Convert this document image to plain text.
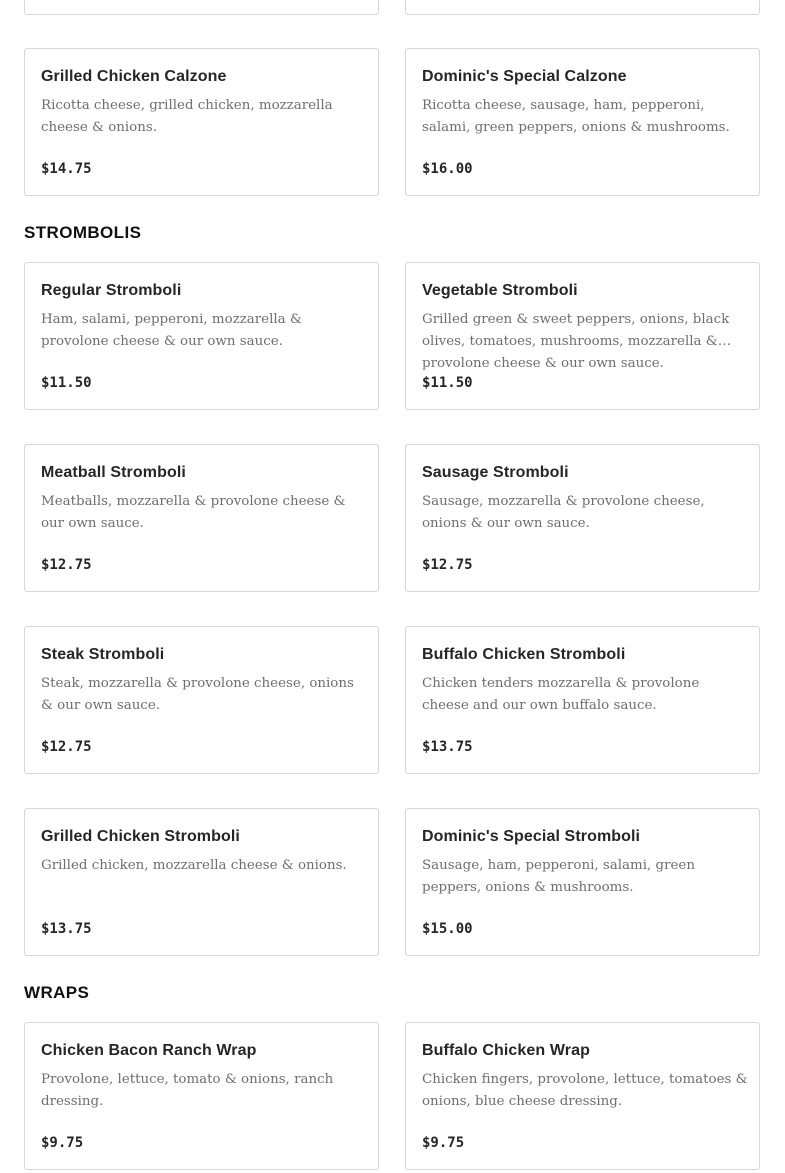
Grilled Chicken Calzone
Ricotta cheese, grilled chicken, mozzarella cheese & onions.
$14.75
Dominic's Special Calzone
Ricotta cheese, sausage, ham, pepperoni, salami, green peppers, onions & mushrooms.
$16.00
STROMBOLIS
Regular Stromboli
Ham, salami, pepperoni, mozzarella & provolone cheese & our own sauce.
$11.50
Vegetable Stromboli
Grilled green & sweet peppers, onions, black olives, tomatoes, mushrooms, mozzarella & provolone cheese & our own sauce.
$11.50
Meatball Stromboli
Meatballs, mozzarella & provolone cheese & our own sauce.
$12.75
Sausage Stromboli
Sausage, mozzarella & provolone cheese, onions & our own sauce.
$12.75
Steak Stromboli
Steak, mozzarella & provolone cheese, onions & our own sauce.
$12.75
Buffalo Chicken Stromboli
Chicken tenders mozzarella & provolone cheese and our own buffalo sauce.
$13.75
Grilled Chicken Stromboli
Grilled chicken, mozzarella cheese & onions.
$13.75
Dominic's Special Stromboli
Sausage, ham, pepperoni, salami, green peppers, onions & mushrooms.
$15.00
WRAPS
Chicken Bacon Ranch Wrap
Provolone, lettuce, tomato & onions, ranch dressing.
$9.75
Buffalo Chicken Wrap
Chicken fingers, provolone, lettuce, tomatoes & onions, blue cheese dressing.
$9.75
